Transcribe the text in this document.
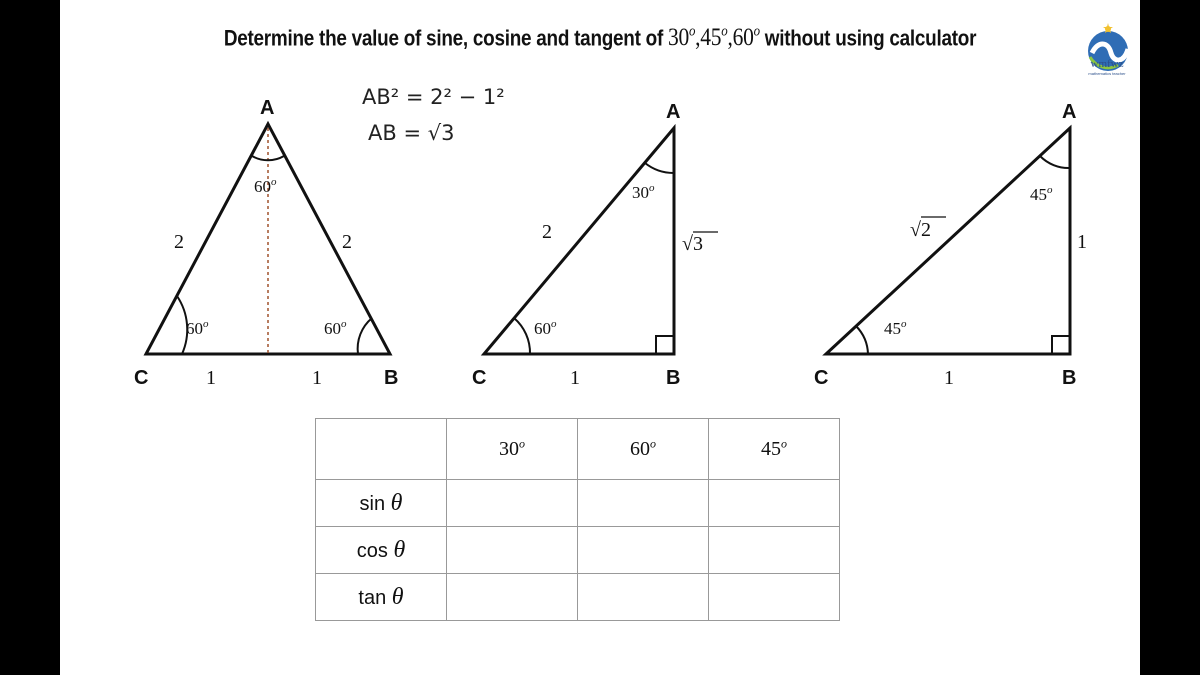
Determine the value of sine, cosine and tangent of 30$^o$,45$^o$,60$^o$ without using calculator
wmfwz
mathematics teacher
AB² = 2² − 1²
AB = √3
A
C	B
2	2
1	1
60$^o$
60$^o$	60$^o$
A
C	B
2
√3
1
30$^o$
60$^o$
A
C	B
√2
1
1
45$^o$
45$^o$
	30$^o$	60$^o$	45$^o$
sin θ			
cos θ			
tan θ			
